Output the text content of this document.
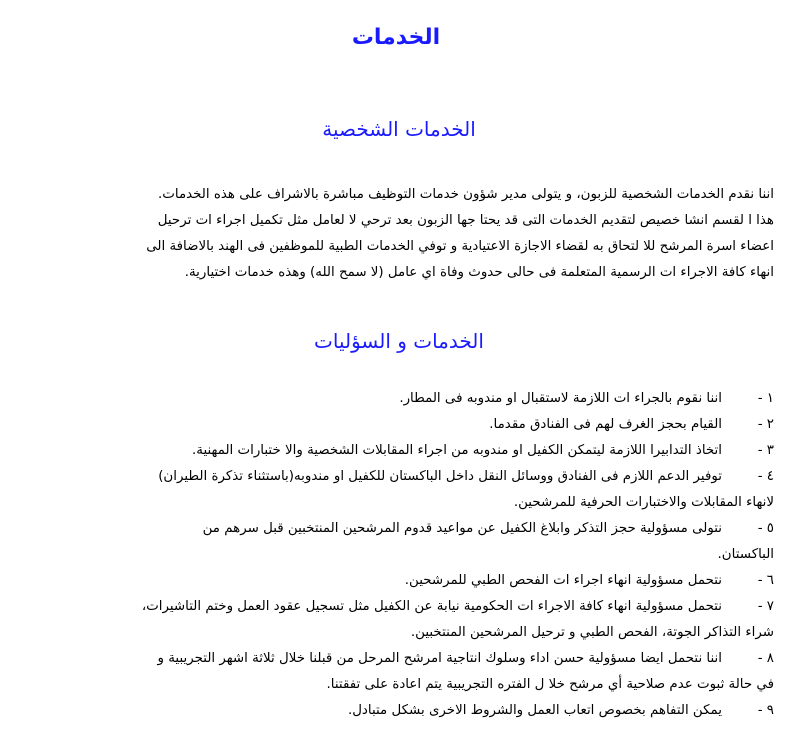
الخدمات
الخدمات الشخصية

اننا نقدم الخدمات الشخصية للزبون، و يتولى مدير شؤون خدمات التوظيف مباشرة بالاشراف على هذه الخدمات.
هذا ا لقسم انشا خصيص لتقديم الخدمات التى قد يحتا جها الزبون بعد ترحي لا لعامل مثل تكميل اجراء ات ترحيل
اعضاء اسرة المرشح للا لتحاق به لقضاء الاجازة الاعتيادية و توفي الخدمات الطبية للموظفين فى الهند بالاضافة الى
انهاء كافة الاجراء ات الرسمية المتعلمة فى حالى حدوث وفاة اي عامل (لا سمح الله) وهذه خدمات اختيارية.

الخدمات و السؤليات
١ -اننا نقوم بالجراء ات اللازمة لاستقبال او مندوبه فى المطار.
٢ -القيام بحجز الغرف لهم فى الفنادق مقدما.
٣ -اتخاذ التدابيرا اللازمة ليتمكن الكفيل او مندوبه من اجراء المقابلات الشخصية والا ختبارات المهنية.
٤ -توفير الدعم اللازم فى الفنادق ووسائل النقل داخل الباكستان للكفيل او مندوبه(باستثناء تذكرة الطيران)
لانهاء المقابلات والاختبارات الحرفية للمرشحين.
٥ -نتولى مسؤولية حجز التذكر وابلاغ الكفيل عن مواعيد قدوم المرشحين المنتخبين قبل سرهم من
الباكستان.
٦ -نتحمل مسؤولية انهاء اجراء ات الفحص الطبي للمرشحين.
٧ -نتحمل مسؤولية انهاء كافة الاجراء ات الحكومية نيابة عن الكفيل مثل تسجيل عقود العمل وختم التاشيرات،
شراء التذاكر الجوتة، الفحص الطبي و ترحيل المرشحين المنتخبين.
٨ -اننا نتحمل ايضا مسؤولية حسن اداء وسلوك انتاجية امرشح المرحل من قبلنا خلال ثلاثة اشهر التجريبية و
في حالة ثبوت عدم صلاحية أي مرشح خلا ل الفتره التجريبية يتم اعادة على تفقتنا.
٩ -يمكن التفاهم بخصوص اتعاب العمل والشروط الاخرى بشكل متبادل.
